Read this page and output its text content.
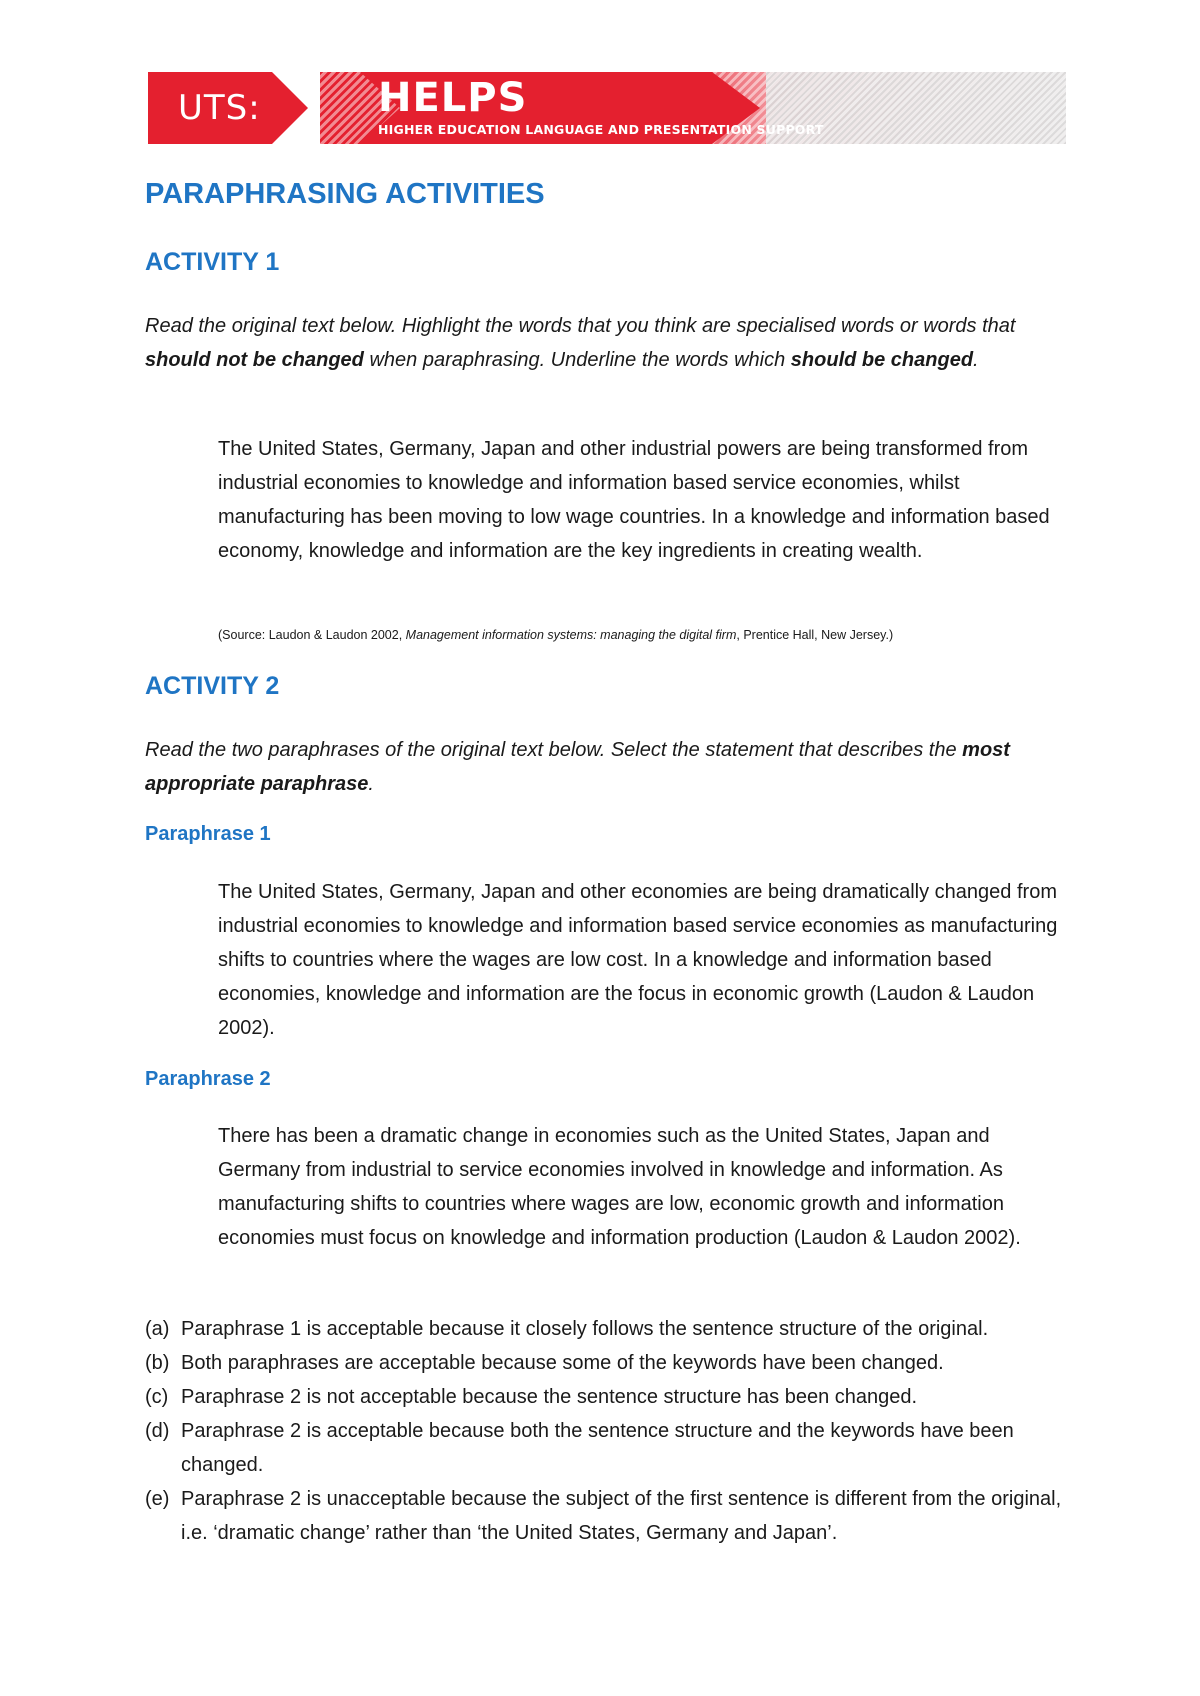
UTS:	HELPS
HIGHER EDUCATION LANGUAGE AND PRESENTATION SUPPORT
PARAPHRASING ACTIVITIES
ACTIVITY 1
Read the original text below. Highlight the words that you think are specialised words or words that should not be changed when paraphrasing. Underline the words which should be changed.
The United States, Germany, Japan and other industrial powers are being transformed from industrial economies to knowledge and information based service economies, whilst manufacturing has been moving to low wage countries. In a knowledge and information based economy, knowledge and information are the key ingredients in creating wealth.
(Source: Laudon & Laudon 2002, Management information systems: managing the digital firm, Prentice Hall, New Jersey.)
ACTIVITY 2
Read the two paraphrases of the original text below. Select the statement that describes the most appropriate paraphrase.
Paraphrase 1
The United States, Germany, Japan and other economies are being dramatically changed from industrial economies to knowledge and information based service economies as manufacturing shifts to countries where the wages are low cost. In a knowledge and information based economies, knowledge and information are the focus in economic growth (Laudon & Laudon 2002).
Paraphrase 2
There has been a dramatic change in economies such as the United States, Japan and Germany from industrial to service economies involved in knowledge and information. As manufacturing shifts to countries where wages are low, economic growth and information economies must focus on knowledge and information production (Laudon & Laudon 2002).
(a) Paraphrase 1 is acceptable because it closely follows the sentence structure of the original.
(b) Both paraphrases are acceptable because some of the keywords have been changed.
(c) Paraphrase 2 is not acceptable because the sentence structure has been changed.
(d) Paraphrase 2 is acceptable because both the sentence structure and the keywords have been changed.
(e) Paraphrase 2 is unacceptable because the subject of the first sentence is different from the original, i.e. ‘dramatic change’ rather than ‘the United States, Germany and Japan’.
